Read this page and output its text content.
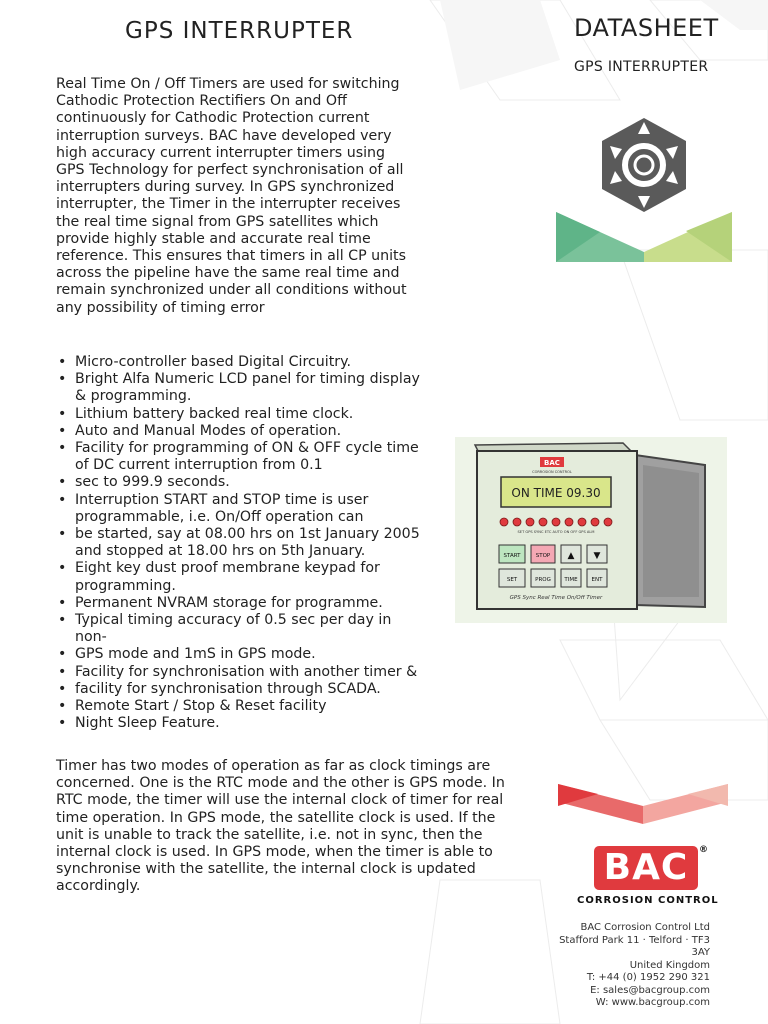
GPS INTERRUPTER	DATASHEET
GPS INTERRUPTER

Real Time On / Off Timers are used for switching Cathodic Protection Rectifiers On and Off continuously for Cathodic Protection current interruption surveys. BAC have developed very high accuracy current interrupter timers using GPS Technology for perfect synchronisation of all interrupters during survey. In GPS synchronized interrupter, the Timer in the interrupter receives the real time signal from GPS satellites which provide highly stable and accurate real time reference. This ensures that timers in all CP units across the pipeline have the same real time and remain synchronized under all conditions without any possibility of timing error

• Micro-controller based Digital Circuitry.
• Bright Alfa Numeric LCD panel for timing display & programming.
• Lithium battery backed real time clock.
• Auto and Manual Modes of operation.
• Facility for programming of ON & OFF cycle time of DC current interruption from 0.1
• sec to 999.9 seconds.
• Interruption START and STOP time is user programmable, i.e. On/Off operation can
• be started, say at 08.00 hrs on 1st January 2005 and stopped at 18.00 hrs on 5th January.
• Eight key dust proof membrane keypad for programming.
• Permanent NVRAM storage for programme.
• Typical timing accuracy of 0.5 sec per day in non-
• GPS mode and 1mS in GPS mode.
• Facility for synchronisation with another timer &
• facility for synchronisation through SCADA.
• Remote Start / Stop & Reset facility
• Night Sleep Feature.

Timer has two modes of operation as far as clock timings are concerned. One is the RTC mode and the other is GPS mode. In RTC mode, the timer will use the internal clock of timer for real time operation. In GPS mode, the satellite clock is used. If the unit is unable to track the satellite, i.e. not in sync, then the internal clock is used. In GPS mode, when the timer is able to synchronise with the satellite, the internal clock is updated accordingly.

BAC
CORROSION CONTROL
ON TIME 09.30
SET GPS SYNC ETC AUTO ON OFF GPS ALM
START	STOP ▲ ▼
SET	PROG TIME	ENT
GPS Sync Real Time On/Off Timer
BAC	®
CORROSION CONTROL
BAC Corrosion Control Ltd
Stafford Park 11 · Telford · TF3 3AY
United Kingdom
T: +44 (0) 1952 290 321
E: sales@bacgroup.com
W: www.bacgroup.com
